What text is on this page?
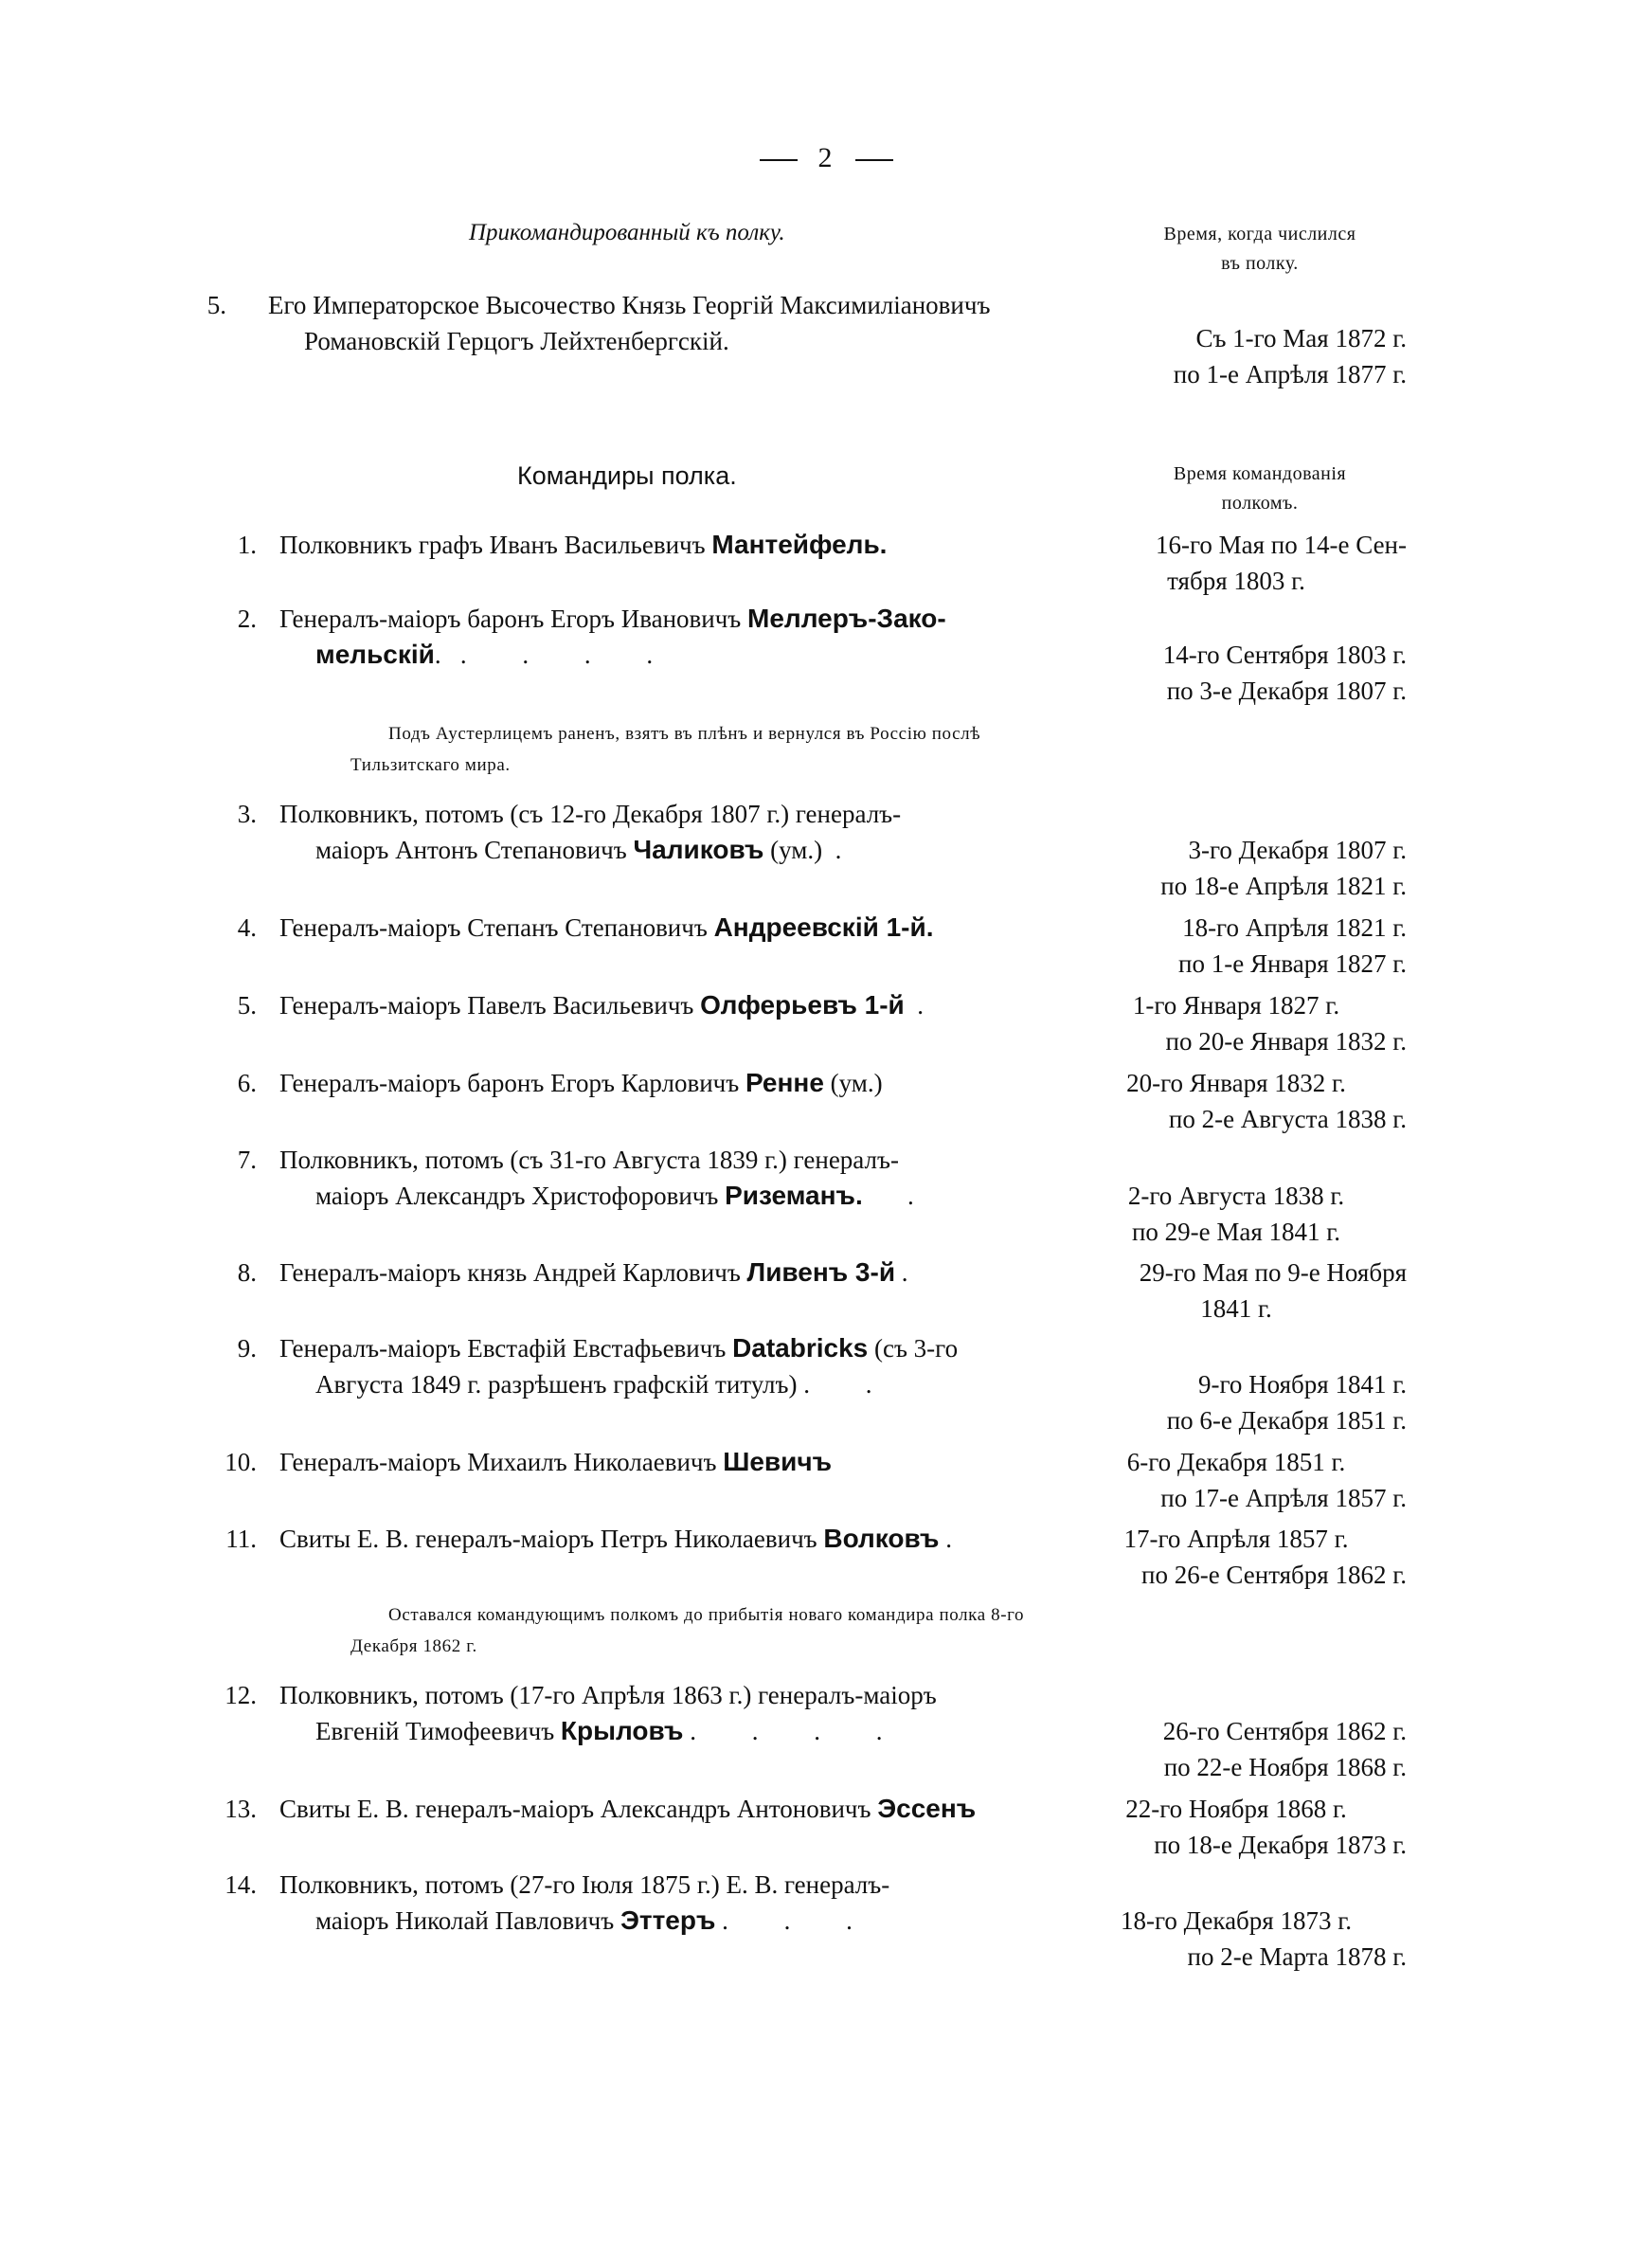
2
Прикомандированный къ полку.	Время, когда числился
въ полку.
5. Его Императорское Высочество Князь Георгій Максимиліановичъ
Романовскій Герцогъ Лейхтенбергскій.	Съ 1-го Мая 1872 г.
по 1-е Апрѣля 1877 г.
Командиры полка.	Время командованія
полкомъ.
1. Полковникъ графъ Иванъ Васильевичъ Мантейфель.	16-го Мая по 14-е Сен-
тября 1803 г.
2. Генералъ-маіоръ баронъ Егоръ Ивановичъ Меллеръ-Зако-
мельскій. . . . .	14-го Сентября 1803 г.
по 3-е Декабря 1807 г.
Подъ Аустерлицемъ раненъ, взятъ въ плѣнъ и вернулся въ Россію послѣ Тильзитскаго мира.
3. Полковникъ, потомъ (съ 12-го Декабря 1807 г.) генералъ-
маіоръ Антонъ Степановичъ Чаликовъ (ум.) .	3-го Декабря 1807 г.
по 18-е Апрѣля 1821 г.
4. Генералъ-маіоръ Степанъ Степановичъ Андреевскій 1-й.	18-го Апрѣля 1821 г.
по 1-е Января 1827 г.
5. Генералъ-маіоръ Павелъ Васильевичъ Олферьевъ 1-й .	1-го Января 1827 г.
по 20-е Января 1832 г.
6. Генералъ-маіоръ баронъ Егоръ Карловичъ Ренне (ум.)	20-го Января 1832 г.
по 2-е Августа 1838 г.
7. Полковникъ, потомъ (съ 31-го Августа 1839 г.) генералъ-
маіоръ Александръ Христофоровичъ Риземанъ. .	2-го Августа 1838 г.
по 29-е Мая 1841 г.
8. Генералъ-маіоръ князь Андрей Карловичъ Ливенъ 3-й .	29-го Мая по 9-е Ноября
1841 г.
9. Генералъ-маіоръ Евстафій Евстафьевичъ Databricks (съ 3-го
Августа 1849 г. разрѣшенъ графскій титулъ) . .	9-го Ноября 1841 г.
по 6-е Декабря 1851 г.
10. Генералъ-маіоръ Михаилъ Николаевичъ Шевичъ	6-го Декабря 1851 г.
по 17-е Апрѣля 1857 г.
11. Свиты Е. В. генералъ-маіоръ Петръ Николаевичъ Волковъ .	17-го Апрѣля 1857 г.
по 26-е Сентября 1862 г.
Оставался командующимъ полкомъ до прибытія новаго командира полка 8-го Декабря 1862 г.
12. Полковникъ, потомъ (17-го Апрѣля 1863 г.) генералъ-маіоръ
Евгеній Тимофеевичъ Крыловъ . . . .	26-го Сентября 1862 г.
по 22-е Ноября 1868 г.
13. Свиты Е. В. генералъ-маіоръ Александръ Антоновичъ Эссенъ	22-го Ноября 1868 г.
по 18-е Декабря 1873 г.
14. Полковникъ, потомъ (27-го Іюля 1875 г.) Е. В. генералъ-
маіоръ Николай Павловичъ Эттеръ . . .	18-го Декабря 1873 г.
по 2-е Марта 1878 г.
